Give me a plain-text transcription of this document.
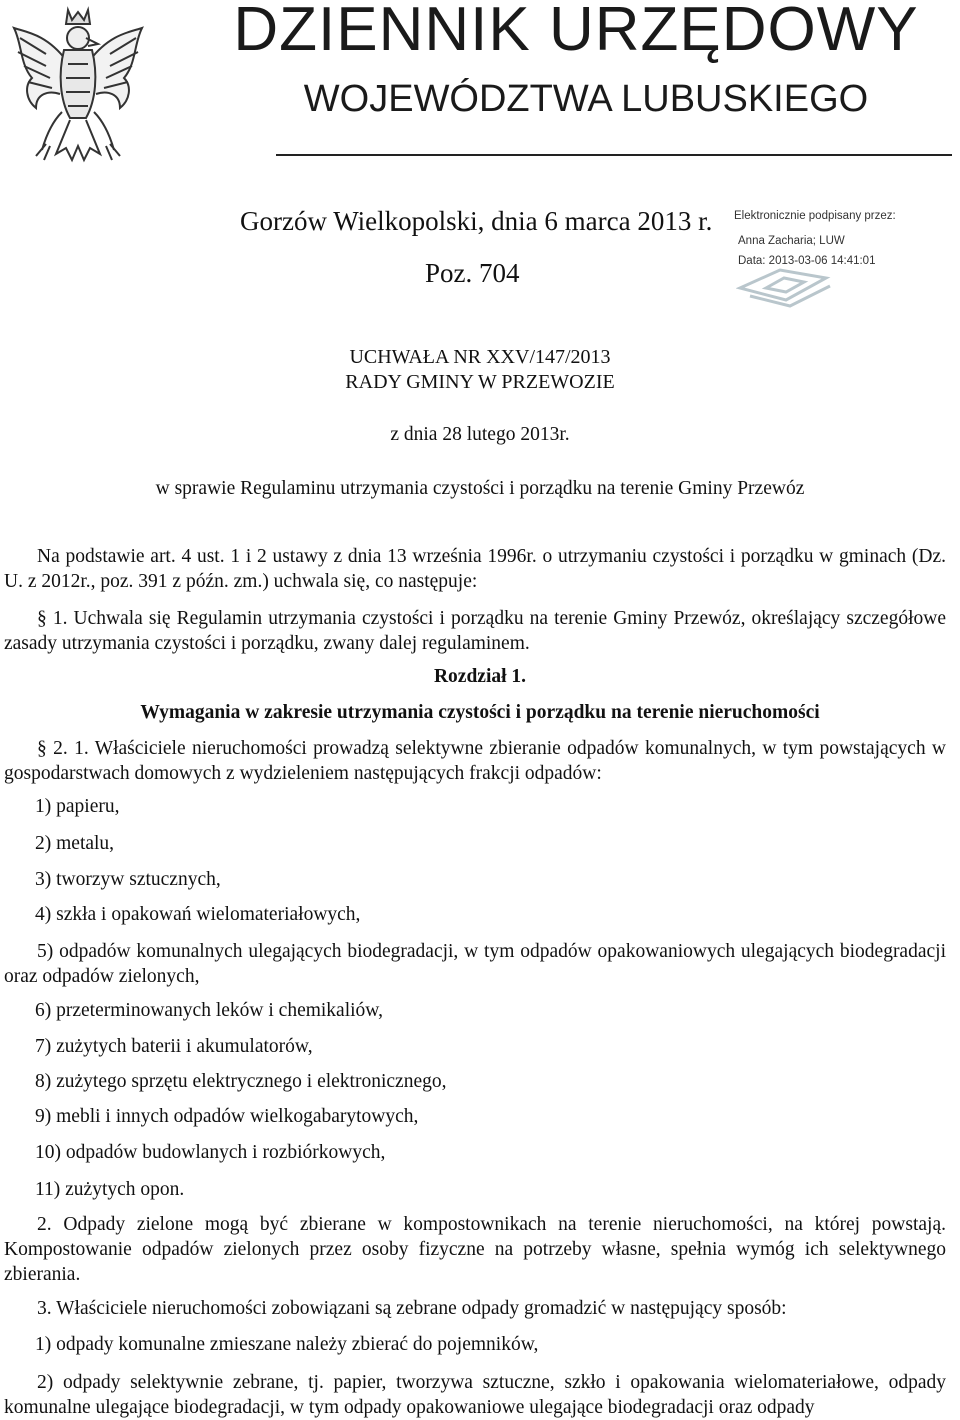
DZIENNIK URZĘDOWY
WOJEWÓDZTWA LUBUSKIEGO
Gorzów Wielkopolski, dnia 6 marca 2013 r.
Poz. 704
Elektronicznie podpisany przez:
Anna Zacharia; LUW
Data: 2013-03-06 14:41:01
UCHWAŁA NR XXV/147/2013
RADY GMINY W PRZEWOZIE
z dnia 28 lutego 2013r.
w sprawie Regulaminu utrzymania czystości i porządku na terenie Gminy Przewóz
Na podstawie art. 4 ust. 1 i 2 ustawy z dnia 13 września 1996r. o utrzymaniu czystości i porządku w gminach (Dz. U. z 2012r., poz. 391 z późn. zm.) uchwala się, co następuje:
§ 1. Uchwala się Regulamin utrzymania czystości i porządku na terenie Gminy Przewóz, określający szczegółowe zasady utrzymania czystości i porządku, zwany dalej regulaminem.
Rozdział 1.
Wymagania w zakresie utrzymania czystości i porządku na terenie nieruchomości
§ 2. 1. Właściciele nieruchomości prowadzą selektywne zbieranie odpadów komunalnych, w tym powstających w gospodarstwach domowych z wydzieleniem następujących frakcji odpadów:
1) papieru,
2) metalu,
3) tworzyw sztucznych,
4) szkła i opakowań wielomateriałowych,
5) odpadów komunalnych ulegających biodegradacji, w tym odpadów opakowaniowych ulegających biodegradacji oraz odpadów zielonych,
6) przeterminowanych leków i chemikaliów,
7) zużytych baterii i akumulatorów,
8) zużytego sprzętu elektrycznego i elektronicznego,
9) mebli i innych odpadów wielkogabarytowych,
10) odpadów budowlanych i rozbiórkowych,
11) zużytych opon.
2. Odpady zielone mogą być zbierane w kompostownikach na terenie nieruchomości, na której powstają. Kompostowanie odpadów zielonych przez osoby fizyczne na potrzeby własne, spełnia wymóg ich selektywnego zbierania.
3. Właściciele nieruchomości zobowiązani są zebrane odpady gromadzić w następujący sposób:
1) odpady komunalne zmieszane należy zbierać do pojemników,
2) odpady selektywnie zebrane, tj. papier, tworzywa sztuczne, szkło i opakowania wielomateriałowe, odpady komunalne ulegające biodegradacji, w tym odpady opakowaniowe ulegające biodegradacji oraz odpady
